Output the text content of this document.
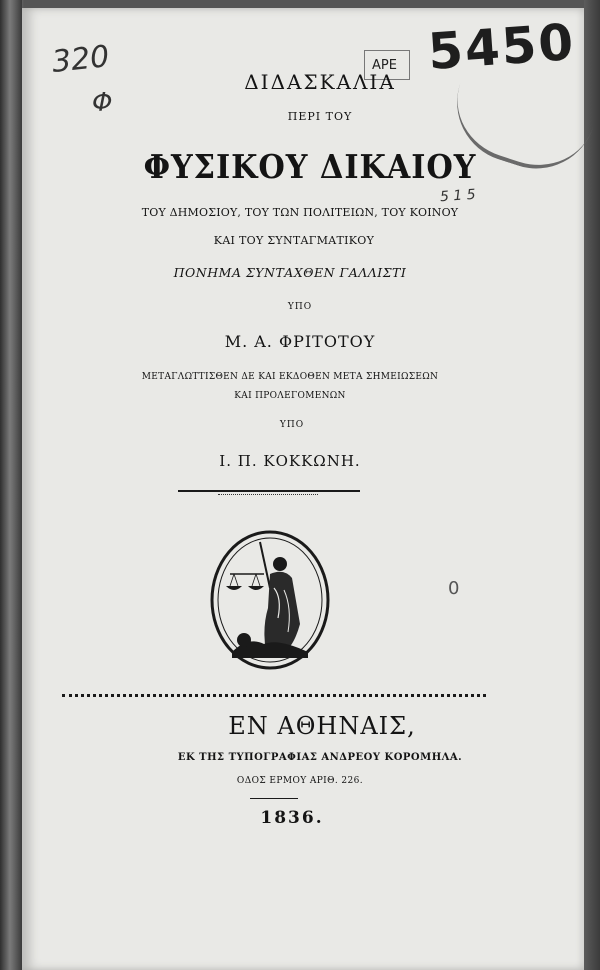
320
Φ
ΑΡΕ 5450
5 1 5
0
ΔΙΔΑΣΚΑΛΙΑ
ΠΕΡΙ ΤΟΥ
ΦΥΣΙΚΟΥ ΔΙΚΑΙΟΥ
ΤΟΥ ΔΗΜΟΣΙΟΥ, ΤΟΥ ΤΩΝ ΠΟΛΙΤΕΙΩΝ, ΤΟΥ ΚΟΙΝΟΥ
ΚΑΙ ΤΟΥ ΣΥΝΤΑΓΜΑΤΙΚΟΥ
ΠΟΝΗΜΑ ΣΥΝΤΑΧΘΕΝ ΓΑΛΛΙΣΤΙ
ΥΠΟ
Μ. Α. ΦΡΙΤΟΤΟΥ
ΜΕΤΑΓΛΩΤΤΙΣΘΕΝ ΔΕ ΚΑΙ ΕΚΔΟΘΕΝ ΜΕΤΑ ΣΗΜΕΙΩΣΕΩΝ
ΚΑΙ ΠΡΟΛΕΓΟΜΕΝΩΝ
ΥΠΟ
Ι. Π. ΚΟΚΚΩΝΗ.
ΕΝ ΑΘΗΝΑΙΣ,
ΕΚ ΤΗΣ ΤΥΠΟΓΡΑΦΙΑΣ ΑΝΔΡΕΟΥ ΚΟΡΟΜΗΛΑ.
ΟΔΟΣ ΕΡΜΟΥ ΑΡΙΘ. 226.
1836.
